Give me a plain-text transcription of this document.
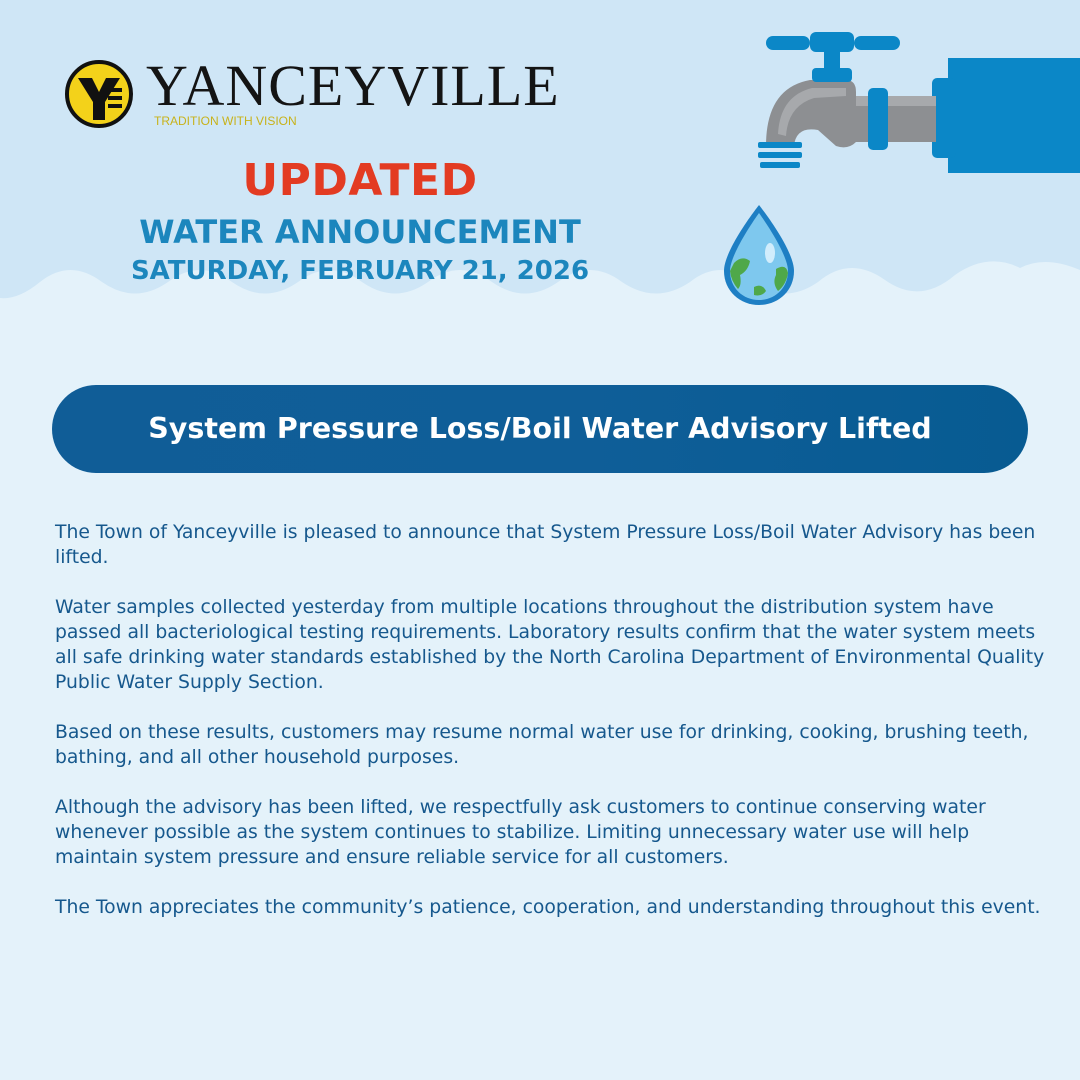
YANCEYVILLE
TRADITION WITH VISION
UPDATED
WATER ANNOUNCEMENT
SATURDAY, FEBRUARY 21, 2026
System Pressure Loss/Boil Water Advisory Lifted

The Town of Yanceyville is pleased to announce that System Pressure Loss/Boil Water Advisory has been lifted.

Water samples collected yesterday from multiple locations throughout the distribution system have passed all bacteriological testing requirements. Laboratory results confirm that the water system meets all safe drinking water standards established by the North Carolina Department of Environmental Quality Public Water Supply Section.

Based on these results, customers may resume normal water use for drinking, cooking, brushing teeth, bathing, and all other household purposes.

Although the advisory has been lifted, we respectfully ask customers to continue conserving water whenever possible as the system continues to stabilize. Limiting unnecessary water use will help maintain system pressure and ensure reliable service for all customers.

The Town appreciates the community’s patience, cooperation, and understanding throughout this event.
